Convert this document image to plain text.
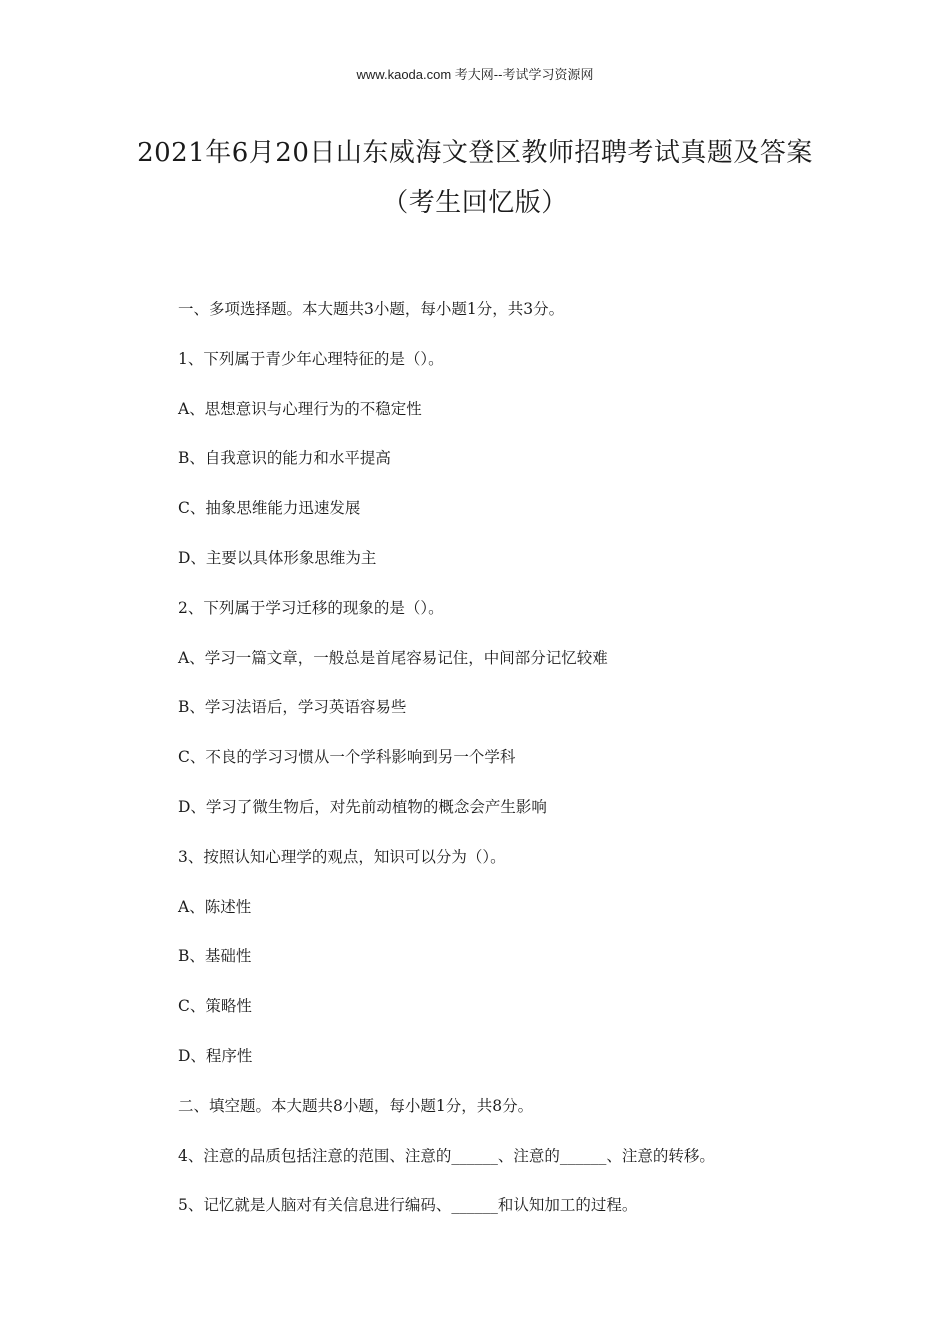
www.kaoda.com 考大网--考试学习资源网
2021年6月20日山东威海文登区教师招聘考试真题及答案
（考生回忆版）
一、多项选择题。本大题共3小题，每小题1分，共3分。
1、下列属于青少年心理特征的是（）。
A、思想意识与心理行为的不稳定性
B、自我意识的能力和水平提高
C、抽象思维能力迅速发展
D、主要以具体形象思维为主
2、下列属于学习迁移的现象的是（）。
A、学习一篇文章，一般总是首尾容易记住，中间部分记忆较难
B、学习法语后，学习英语容易些
C、不良的学习习惯从一个学科影响到另一个学科
D、学习了微生物后，对先前动植物的概念会产生影响
3、按照认知心理学的观点，知识可以分为（）。
A、陈述性
B、基础性
C、策略性
D、程序性
二、填空题。本大题共8小题，每小题1分，共8分。
4、注意的品质包括注意的范围、注意的______、注意的______、注意的转移。
5、记忆就是人脑对有关信息进行编码、______和认知加工的过程。
